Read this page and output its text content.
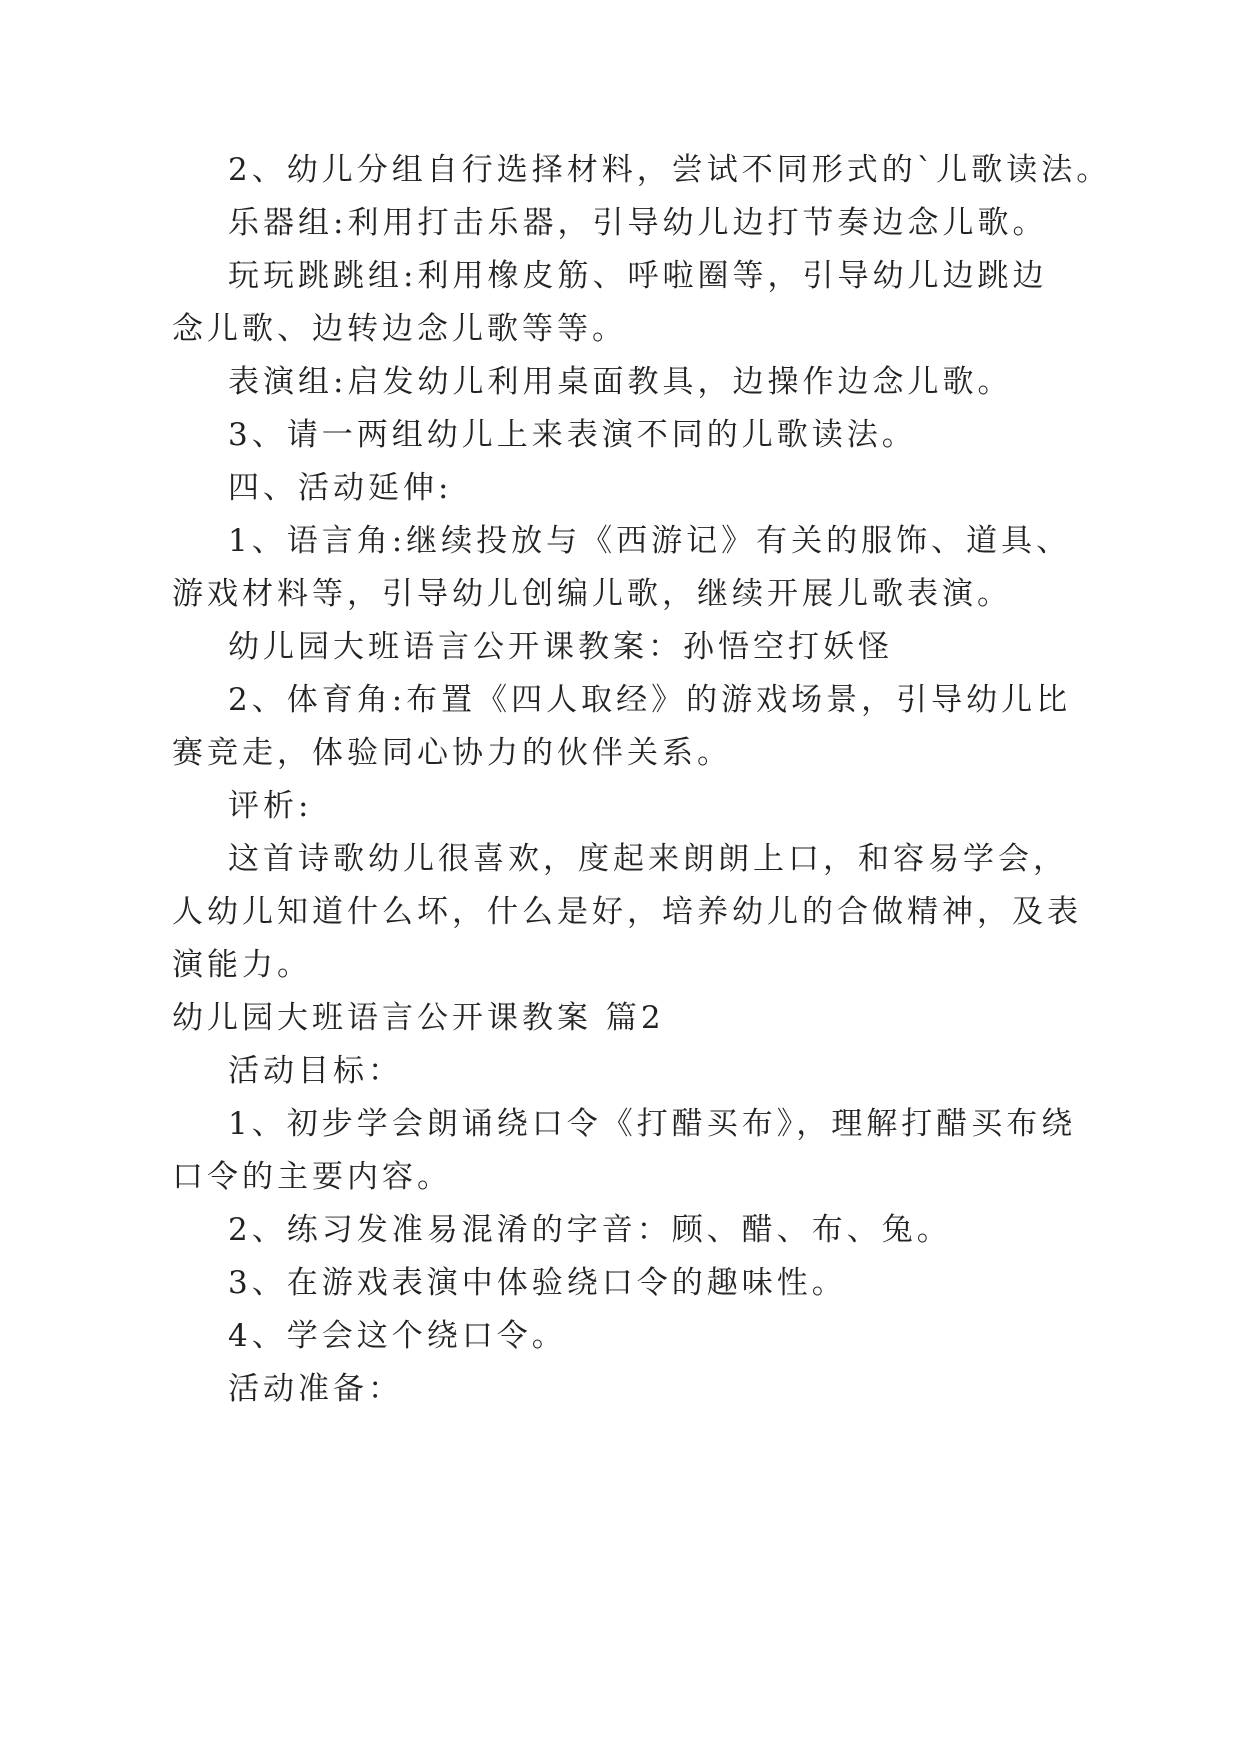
2、幼儿分组自行选择材料，尝试不同形式的`儿歌读法。
乐器组:利用打击乐器，引导幼儿边打节奏边念儿歌。
玩玩跳跳组:利用橡皮筋、呼啦圈等，引导幼儿边跳边
念儿歌、边转边念儿歌等等。
表演组:启发幼儿利用桌面教具，边操作边念儿歌。
3、请一两组幼儿上来表演不同的儿歌读法。
四、活动延伸:
1、语言角:继续投放与《西游记》有关的服饰、道具、
游戏材料等，引导幼儿创编儿歌，继续开展儿歌表演。
幼儿园大班语言公开课教案：孙悟空打妖怪
2、体育角:布置《四人取经》的游戏场景，引导幼儿比
赛竞走，体验同心协力的伙伴关系。
评析:
这首诗歌幼儿很喜欢，度起来朗朗上口，和容易学会，
人幼儿知道什么坏，什么是好，培养幼儿的合做精神，及表
演能力。
幼儿园大班语言公开课教案 篇2
活动目标：
1、初步学会朗诵绕口令《打醋买布》，理解打醋买布绕
口令的主要内容。
2、练习发准易混淆的字音：顾、醋、布、兔。
3、在游戏表演中体验绕口令的趣味性。
4、学会这个绕口令。
活动准备：
